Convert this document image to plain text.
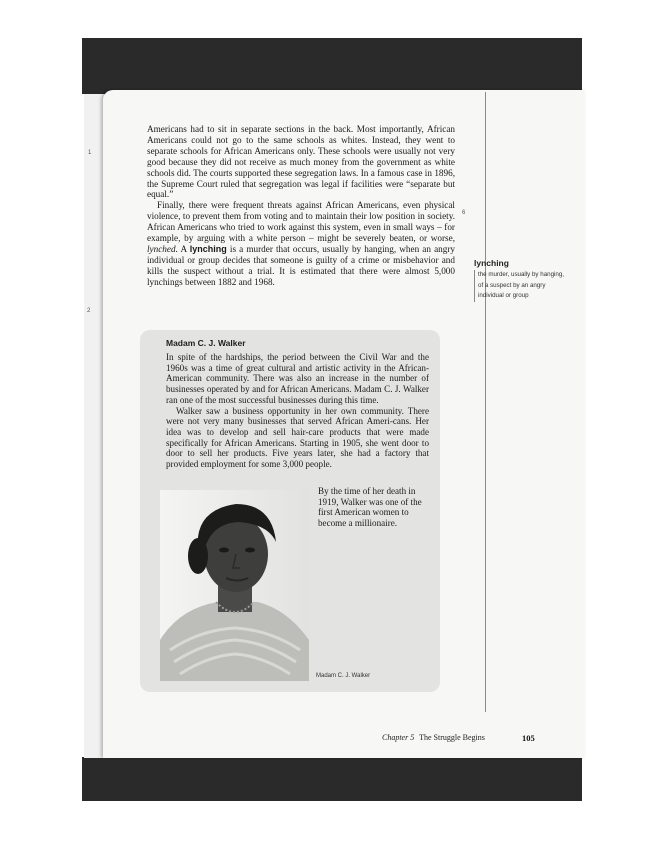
1
2
6

Americans had to sit in separate sections in the back. Most importantly, African Americans could not go to the same schools as whites. Instead, they went to separate schools for African Americans only. These schools were usually not very good because they did not receive as much money from the government as white schools did. The courts supported these segregation laws. In a famous case in 1896, the Supreme Court ruled that segregation was legal if facilities were “separate but equal.”

Finally, there were frequent threats against African Americans, even physical violence, to prevent them from voting and to maintain their low position in society. African Americans who tried to work against this system, even in small ways – for example, by arguing with a white person – might be severely beaten, or worse, lynched. A lynching is a murder that occurs, usually by hanging, when an angry individual or group decides that someone is guilty of a crime or misbehavior and kills the suspect without a trial. It is estimated that there were almost 5,000 lynchings between 1882 and 1968.

lynching

the murder, usually by hanging, of a suspect by an angry individual or group

Madam C. J. Walker

In spite of the hardships, the period between the Civil War and the 1960s was a time of great cultural and artistic activity in the African-American community. There was also an increase in the number of businesses operated by and for African Americans. Madam C. J. Walker ran one of the most successful businesses during this time.

Walker saw a business opportunity in her own community. There were not very many businesses that served African Ameri-cans. Her idea was to develop and sell hair-care products that were made specifically for African Americans. Starting in 1905, she went door to door to sell her products. Five years later, she had a factory that provided employment for some 3,000 people.

By the time of her death in 1919, Walker was one of the first American women to become a millionaire.
Madam C. J. Walker
Chapter 5 The Struggle Begins	105
